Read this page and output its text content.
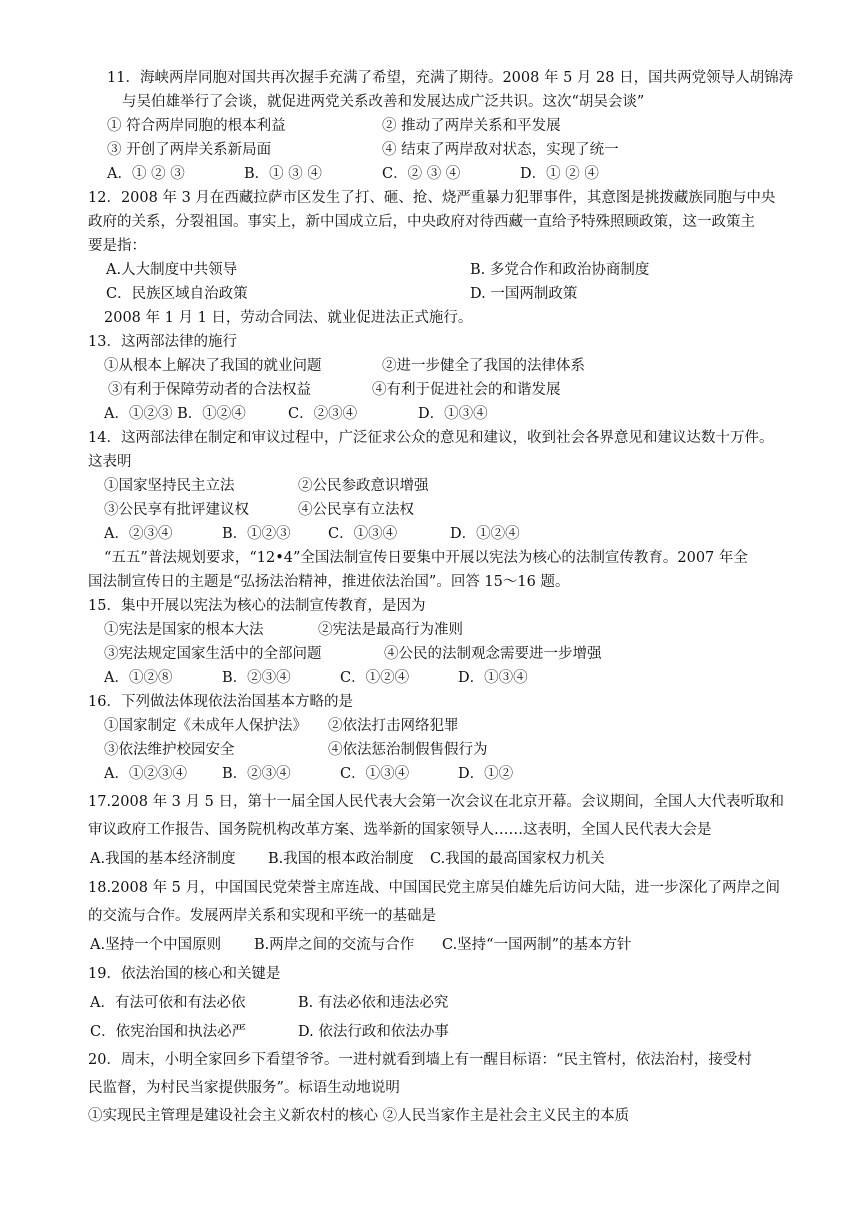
11．海峡两岸同胞对国共再次握手充满了希望，充满了期待。2008 年 5 月 28 日，国共两党领导人胡锦涛
与吴伯雄举行了会谈，就促进两党关系改善和发展达成广泛共识。这次“胡吴会谈”
① 符合两岸同胞的根本利益	② 推动了两岸关系和平发展
③ 开创了两岸关系新局面	④ 结束了两岸敌对状态，实现了统一
A．① ② ③	B．① ③ ④	C．② ③ ④	D．① ② ④
12．2008 年 3 月在西藏拉萨市区发生了打、砸、抢、烧严重暴力犯罪事件，其意图是挑拨藏族同胞与中央
政府的关系，分裂祖国。事实上，新中国成立后，中央政府对待西藏一直给予特殊照顾政策，这一政策主
要是指：
A.人大制度中共领导	B. 多党合作和政治协商制度
C．民族区域自治政策	D. 一国两制政策
2008 年 1 月 1 日，劳动合同法、就业促进法正式施行。
13．这两部法律的施行
①从根本上解决了我国的就业问题	②进一步健全了我国的法律体系
③有利于保障劳动者的合法权益	④有利于促进社会的和谐发展
A．①②③ B．①②④	C．②③④	D．①③④
14．这两部法律在制定和审议过程中，广泛征求公众的意见和建议，收到社会各界意见和建议达数十万件。
这表明
①国家坚持民主立法	②公民参政意识增强
③公民享有批评建议权	④公民享有立法权
A．②③④	B．①②③	C．①③④	D．①②④
“五五”普法规划要求，“12•4”全国法制宣传日要集中开展以宪法为核心的法制宣传教育。2007 年全
国法制宣传日的主题是“弘扬法治精神，推进依法治国”。回答 15～16 题。
15．集中开展以宪法为核心的法制宣传教育，是因为
①宪法是国家的根本大法	②宪法是最高行为准则
③宪法规定国家生活中的全部问题	④公民的法制观念需要进一步增强
A．①②⑧	B．②③④	C．①②④	D．①③④
16．下列做法体现依法治国基本方略的是
①国家制定《未成年人保护法》 ②依法打击网络犯罪
③依法维护校园安全	④依法惩治制假售假行为
A．①②③④ B．②③④	C．①③④	D．①②
17.2008 年 3 月 5 日，第十一届全国人民代表大会第一次会议在北京开幕。会议期间，全国人大代表听取和
审议政府工作报告、国务院机构改革方案、选举新的国家领导人……这表明，全国人民代表大会是
A.我国的基本经济制度 B.我国的根本政治制度 C.我国的最高国家权力机关
18.2008 年 5 月，中国国民党荣誉主席连战、中国国民党主席吴伯雄先后访问大陆，进一步深化了两岸之间
的交流与合作。发展两岸关系和实现和平统一的基础是
A.坚持一个中国原则 B.两岸之间的交流与合作 C.坚持“一国两制”的基本方针
19．依法治国的核心和关键是
A．有法可依和有法必依	B. 有法必依和违法必究
C．依宪治国和执法必严	D. 依法行政和依法办事
20．周末，小明全家回乡下看望爷爷。一进村就看到墙上有一醒目标语：“民主管村，依法治村，接受村
民监督，为村民当家提供服务”。标语生动地说明
①实现民主管理是建设社会主义新农村的核心 ②人民当家作主是社会主义民主的本质
